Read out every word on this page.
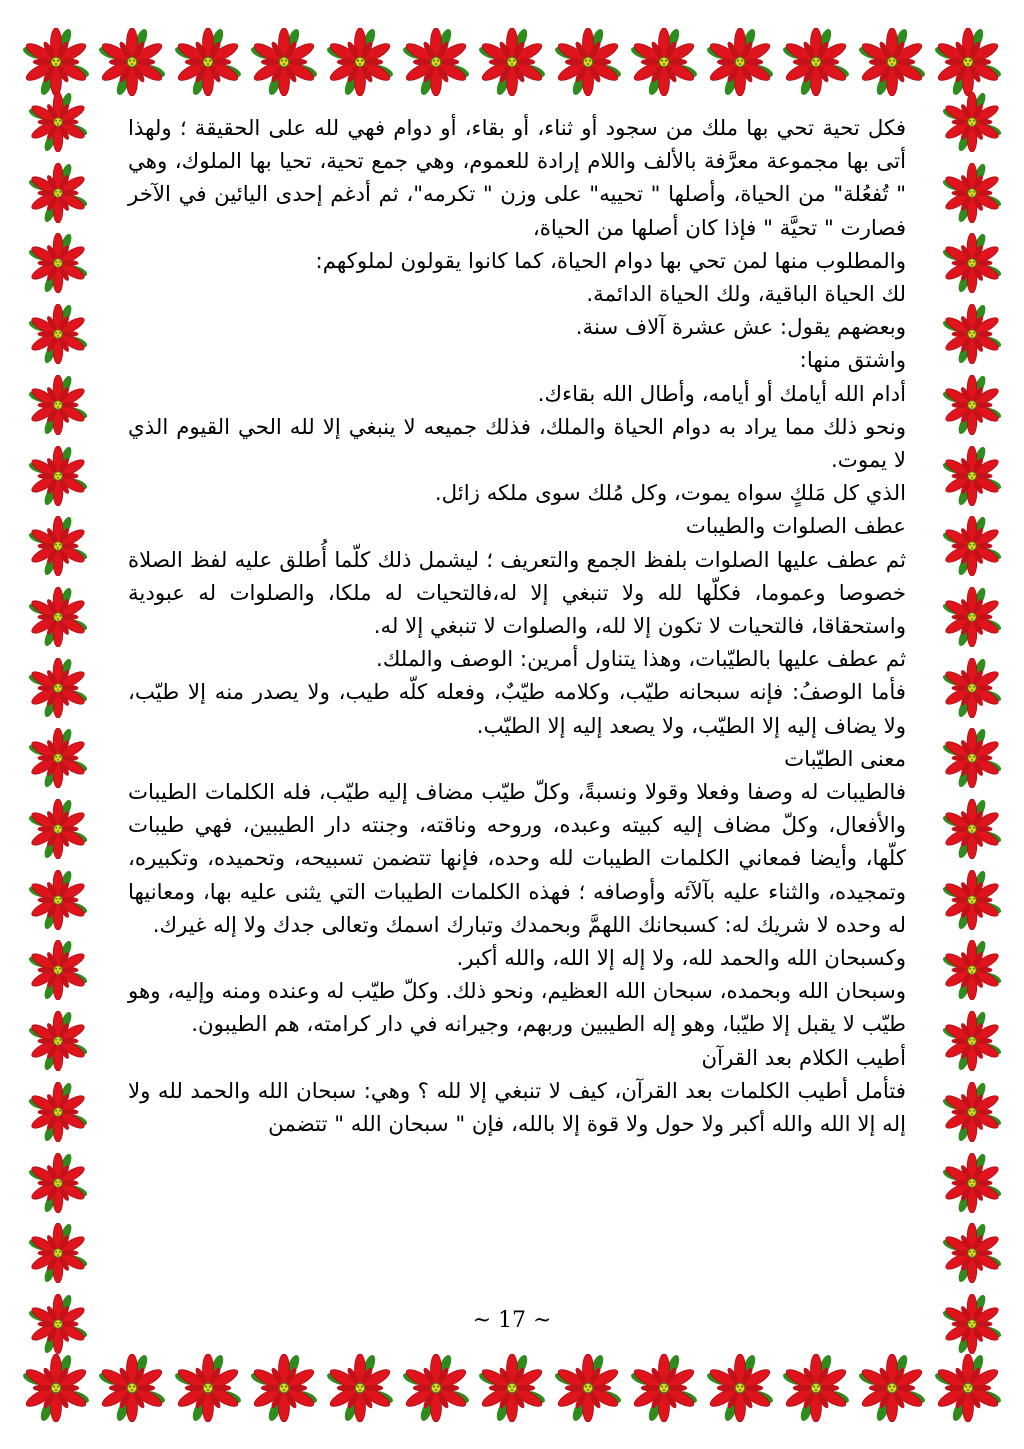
فكل تحية تحي بها ملك من سجود أو ثناء، أو بقاء، أو دوام فهي لله على الحقيقة ؛ ولهذا أتى بها مجموعة معرَّفة بالألف واللام إرادة للعموم، وهي جمع تحية، تحيا بها الملوك، وهي " تُفعُلة" من الحياة، وأصلها " تحييه" على وزن " تكرمه"، ثم أدغم إحدى اليائين في الآخر فصارت " تحيَّة " فإذا كان أصلها من الحياة،

والمطلوب منها لمن تحي بها دوام الحياة، كما كانوا يقولون لملوكهم:

لك الحياة الباقية، ولك الحياة الدائمة.

وبعضهم يقول: عش عشرة آلاف سنة.

واشتق منها:

أدام الله أيامك أو أيامه، وأطال الله بقاءك.

ونحو ذلك مما يراد به دوام الحياة والملك، فذلك جميعه لا ينبغي إلا لله الحي القيوم الذي لا يموت.

الذي كل مَلكٍ سواه يموت، وكل مُلك سوى ملكه زائل.

عطف الصلوات والطيبات

ثم عطف عليها الصلوات بلفظ الجمع والتعريف ؛ ليشمل ذلك كلّما أُطلق عليه لفظ الصلاة خصوصا وعموما، فكلّها لله ولا تنبغي إلا له،فالتحيات له ملكا، والصلوات له عبودية واستحقاقا، فالتحيات لا تكون إلا لله، والصلوات لا تنبغي إلا له.

ثم عطف عليها بالطيّبات، وهذا يتناول أمرين: الوصف والملك.

فأما الوصفُ: فإنه سبحانه طيّب، وكلامه طيّبٌ، وفعله كلّه طيب، ولا يصدر منه إلا طيّب، ولا يضاف إليه إلا الطيّب، ولا يصعد إليه إلا الطيّب.

معنى الطيّبات

فالطيبات له وصفا وفعلا وقولا ونسبةً، وكلّ طيّب مضاف إليه طيّب، فله الكلمات الطيبات والأفعال، وكلّ مضاف إليه كبيته وعبده، وروحه وناقته، وجنته دار الطيبين، فهي طيبات كلّها، وأيضا فمعاني الكلمات الطيبات لله وحده، فإنها تتضمن تسبيحه، وتحميده، وتكبيره، وتمجيده، والثناء عليه بآلآئه وأوصافه ؛ فهذه الكلمات الطيبات التي يثنى عليه بها، ومعانيها له وحده لا شريك له: كسبحانك اللهمَّ وبحمدك وتبارك اسمك وتعالى جدك ولا إله غيرك.

وكسبحان الله والحمد لله، ولا إله إلا الله، والله أكبر.

وسبحان الله وبحمده، سبحان الله العظيم، ونحو ذلك. وكلّ طيّب له وعنده ومنه وإليه، وهو طيّب لا يقبل إلا طيّبا، وهو إله الطيبين وربهم، وجيرانه في دار كرامته، هم الطيبون.

أطيب الكلام بعد القرآن

فتأمل أطيب الكلمات بعد القرآن، كيف لا تنبغي إلا لله ؟ وهي: سبحان الله والحمد لله ولا إله إلا الله والله أكبر ولا حول ولا قوة إلا بالله، فإن " سبحان الله " تتضمن

~ 17 ~
